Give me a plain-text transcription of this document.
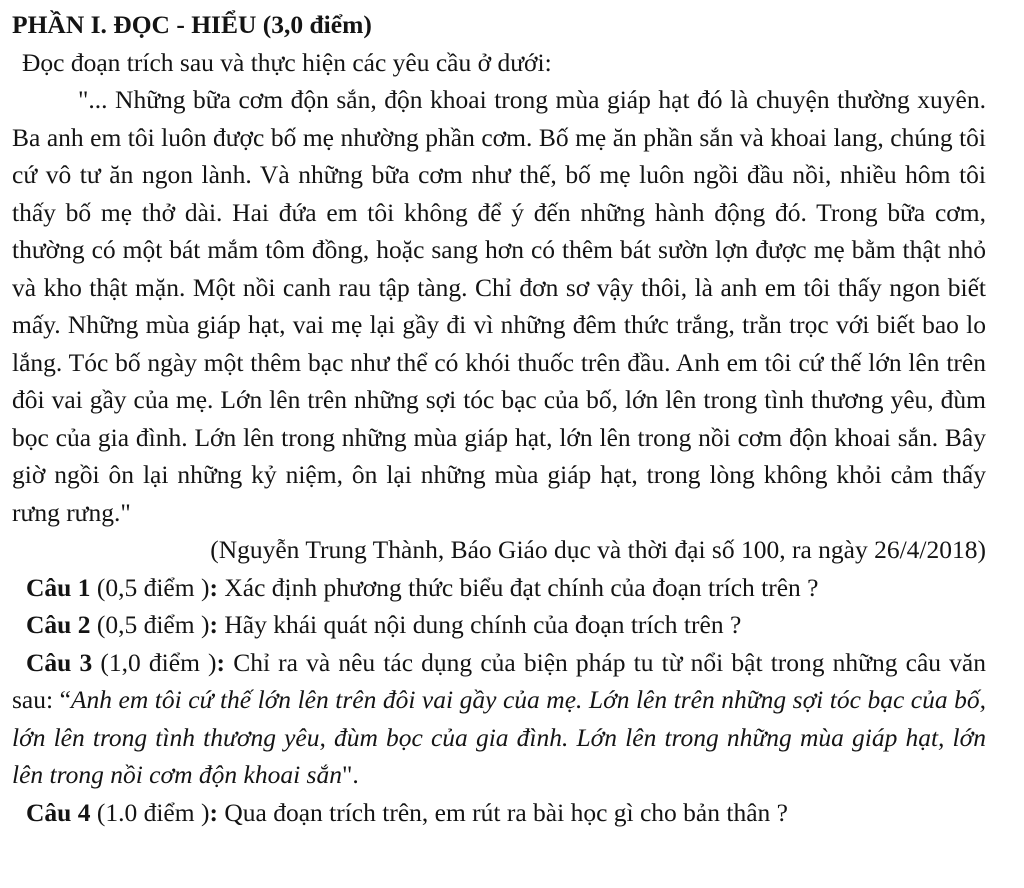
PHẦN I. ĐỌC - HIỂU (3,0 điểm)

Đọc đoạn trích sau và thực hiện các yêu cầu ở dưới:

"... Những bữa cơm độn sắn, độn khoai trong mùa giáp hạt đó là chuyện thường xuyên. Ba anh em tôi luôn được bố mẹ nhường phần cơm. Bố mẹ ăn phần sắn và khoai lang, chúng tôi cứ vô tư ăn ngon lành. Và những bữa cơm như thế, bố mẹ luôn ngồi đầu nồi, nhiều hôm tôi thấy bố mẹ thở dài. Hai đứa em tôi không để ý đến những hành động đó. Trong bữa cơm, thường có một bát mắm tôm đồng, hoặc sang hơn có thêm bát sườn lợn được mẹ bằm thật nhỏ và kho thật mặn. Một nồi canh rau tập tàng. Chỉ đơn sơ vậy thôi, là anh em tôi thấy ngon biết mấy. Những mùa giáp hạt, vai mẹ lại gầy đi vì những đêm thức trắng, trằn trọc với biết bao lo lắng. Tóc bố ngày một thêm bạc như thể có khói thuốc trên đầu. Anh em tôi cứ thế lớn lên trên đôi vai gầy của mẹ. Lớn lên trên những sợi tóc bạc của bố, lớn lên trong tình thương yêu, đùm bọc của gia đình. Lớn lên trong những mùa giáp hạt, lớn lên trong nồi cơm độn khoai sắn. Bây giờ ngồi ôn lại những kỷ niệm, ôn lại những mùa giáp hạt, trong lòng không khỏi cảm thấy rưng rưng."

(Nguyễn Trung Thành, Báo Giáo dục và thời đại số 100, ra ngày 26/4/2018)

Câu 1 (0,5 điểm ): Xác định phương thức biểu đạt chính của đoạn trích trên ?

Câu 2 (0,5 điểm ): Hãy khái quát nội dung chính của đoạn trích trên ?

Câu 3 (1,0 điểm ): Chỉ ra và nêu tác dụng của biện pháp tu từ nổi bật trong những câu văn sau: “Anh em tôi cứ thế lớn lên trên đôi vai gầy của mẹ. Lớn lên trên những sợi tóc bạc của bố, lớn lên trong tình thương yêu, đùm bọc của gia đình. Lớn lên trong những mùa giáp hạt, lớn lên trong nồi cơm độn khoai sắn".

Câu 4 (1.0 điểm ): Qua đoạn trích trên, em rút ra bài học gì cho bản thân ?
